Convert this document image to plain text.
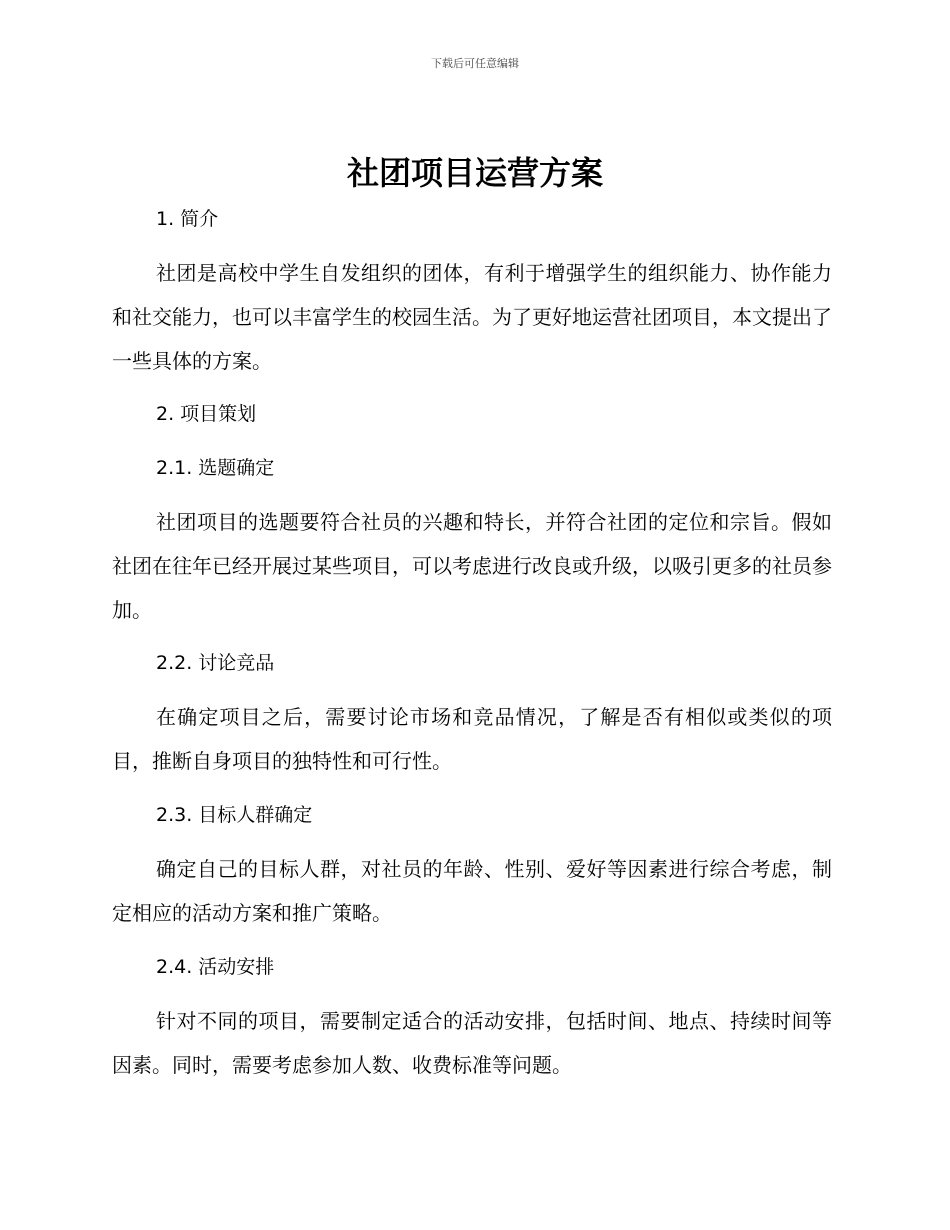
下载后可任意编辑
社团项目运营方案
1. 简介

社团是高校中学生自发组织的团体，有利于增强学生的组织能力、协作能力和社交能力，也可以丰富学生的校园生活。为了更好地运营社团项目，本文提出了一些具体的方案。

2. 项目策划
2.1. 选题确定

社团项目的选题要符合社员的兴趣和特长，并符合社团的定位和宗旨。假如社团在往年已经开展过某些项目，可以考虑进行改良或升级，以吸引更多的社员参加。

2.2. 讨论竞品

在确定项目之后，需要讨论市场和竞品情况，了解是否有相似或类似的项目，推断自身项目的独特性和可行性。

2.3. 目标人群确定

确定自己的目标人群，对社员的年龄、性别、爱好等因素进行综合考虑，制定相应的活动方案和推广策略。

2.4. 活动安排

针对不同的项目，需要制定适合的活动安排，包括时间、地点、持续时间等因素。同时，需要考虑参加人数、收费标准等问题。
